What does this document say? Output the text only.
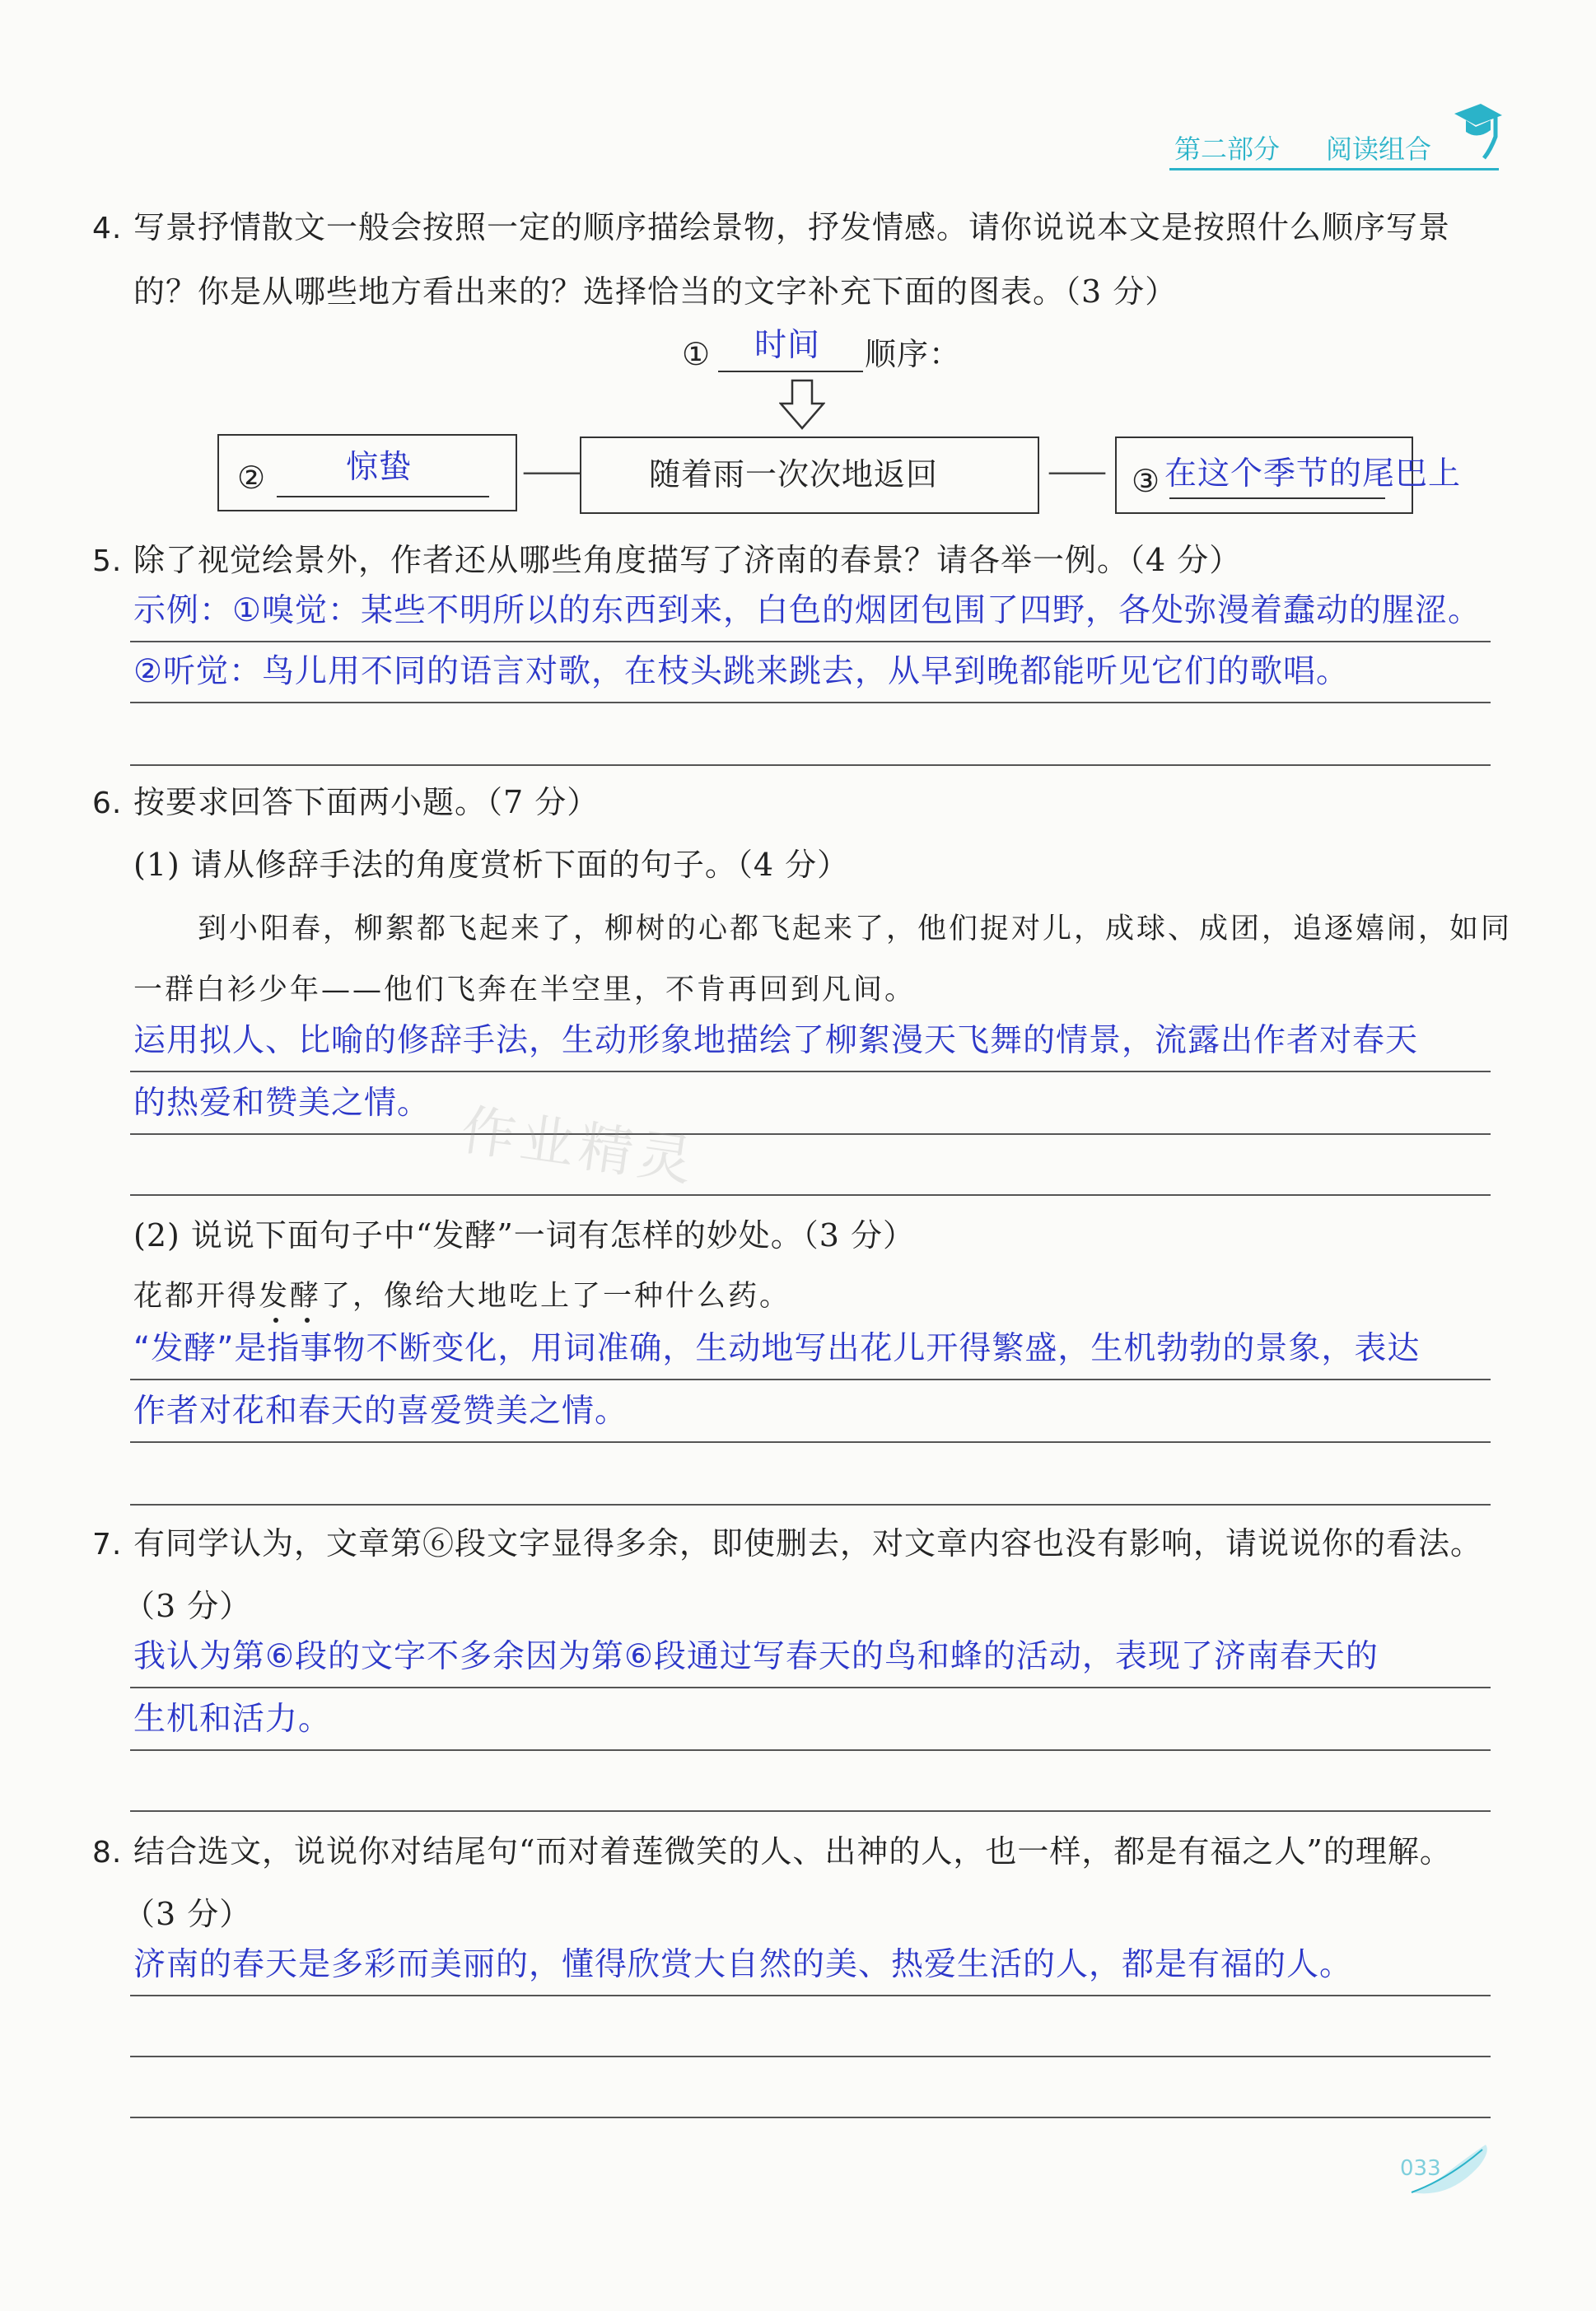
第二部分 阅读组合
4. 写景抒情散文一般会按照一定的顺序描绘景物，抒发情感。请你说说本文是按照什么顺序写景
的？你是从哪些地方看出来的？选择恰当的文字补充下面的图表。（3 分）
① 时间 顺序：
② 惊蛰	—— 随着雨一次次地返回	—— ③ 在这个季节的尾巴上
5. 除了视觉绘景外，作者还从哪些角度描写了济南的春景？请各举一例。（4 分）
示例：①嗅觉：某些不明所以的东西到来，白色的烟团包围了四野，各处弥漫着蠢动的腥涩。
②听觉：鸟儿用不同的语言对歌，在枝头跳来跳去，从早到晚都能听见它们的歌唱。
6. 按要求回答下面两小题。（7 分）
(1) 请从修辞手法的角度赏析下面的句子。（4 分）
到小阳春，柳絮都飞起来了，柳树的心都飞起来了，他们捉对儿，成球、成团，追逐嬉闹，如同
一群白衫少年——他们飞奔在半空里，不肯再回到凡间。
运用拟人、比喻的修辞手法，生动形象地描绘了柳絮漫天飞舞的情景，流露出作者对春天
的热爱和赞美之情。
(2) 说说下面句子中“发酵”一词有怎样的妙处。（3 分）
花都开得发酵了，像给大地吃上了一种什么药。
“发酵”是指事物不断变化，用词准确，生动地写出花儿开得繁盛，生机勃勃的景象，表达
作者对花和春天的喜爱赞美之情。
7. 有同学认为，文章第⑥段文字显得多余，即使删去，对文章内容也没有影响，请说说你的看法。
（3 分）
我认为第⑥段的文字不多余因为第⑥段通过写春天的鸟和蜂的活动，表现了济南春天的
生机和活力。
8. 结合选文，说说你对结尾句“而对着莲微笑的人、出神的人，也一样，都是有福之人”的理解。
（3 分）
济南的春天是多彩而美丽的，懂得欣赏大自然的美、热爱生活的人，都是有福的人。
作业精灵
033
